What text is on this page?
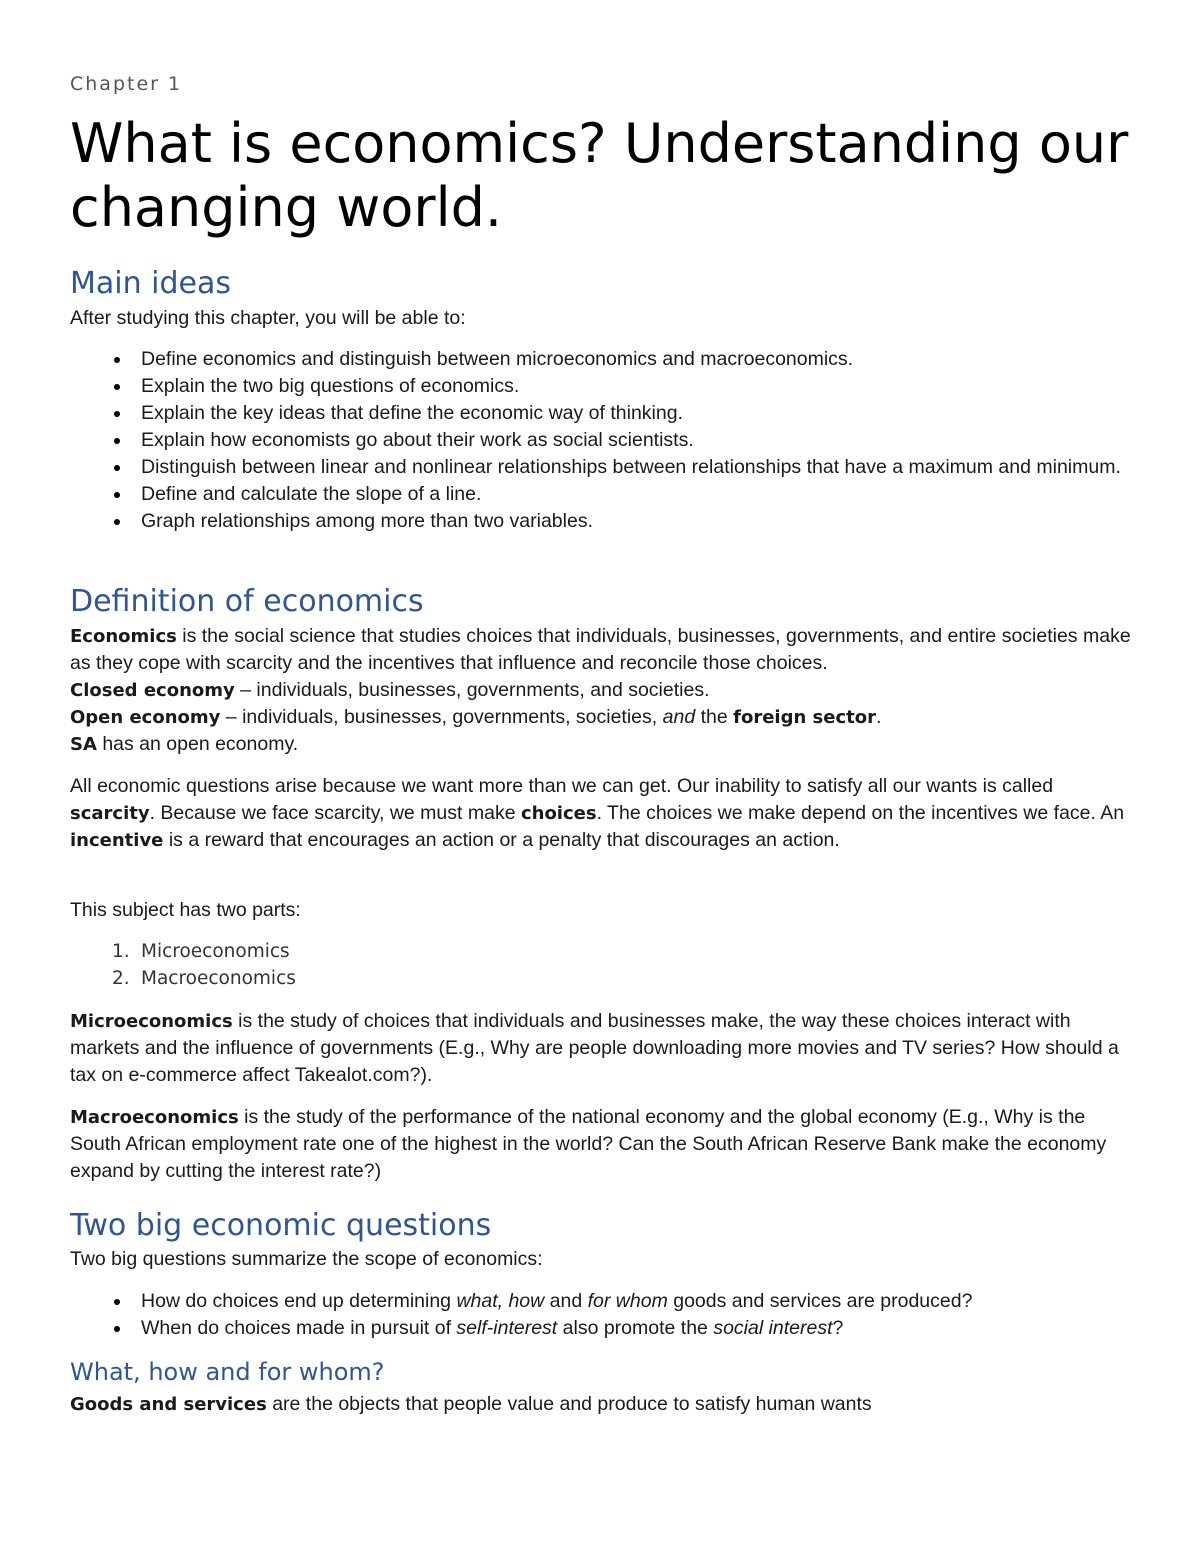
Chapter 1
What is economics? Understanding our changing world.
Main ideas

After studying this chapter, you will be able to:

Define economics and distinguish between microeconomics and macroeconomics.
Explain the two big questions of economics.
Explain the key ideas that define the economic way of thinking.
Explain how economists go about their work as social scientists.
Distinguish between linear and nonlinear relationships between relationships that have a maximum and minimum.
Define and calculate the slope of a line.
Graph relationships among more than two variables.
Definition of economics
Economics is the social science that studies choices that individuals, businesses, governments, and entire societies make as they cope with scarcity and the incentives that influence and reconcile those choices.
Closed economy – individuals, businesses, governments, and societies.
Open economy – individuals, businesses, governments, societies, and the foreign sector.
SA has an open economy.

All economic questions arise because we want more than we can get. Our inability to satisfy all our wants is called scarcity. Because we face scarcity, we must make choices. The choices we make depend on the incentives we face. An incentive is a reward that encourages an action or a penalty that discourages an action.

This subject has two parts:

1. Microeconomics
2. Macroeconomics

Microeconomics is the study of choices that individuals and businesses make, the way these choices interact with markets and the influence of governments (E.g., Why are people downloading more movies and TV series? How should a tax on e-commerce affect Takealot.com?).

Macroeconomics is the study of the performance of the national economy and the global economy (E.g., Why is the South African employment rate one of the highest in the world? Can the South African Reserve Bank make the economy expand by cutting the interest rate?)

Two big economic questions

Two big questions summarize the scope of economics:

How do choices end up determining what, how and for whom goods and services are produced?
When do choices made in pursuit of self-interest also promote the social interest?
What, how and for whom?

Goods and services are the objects that people value and produce to satisfy human wants
